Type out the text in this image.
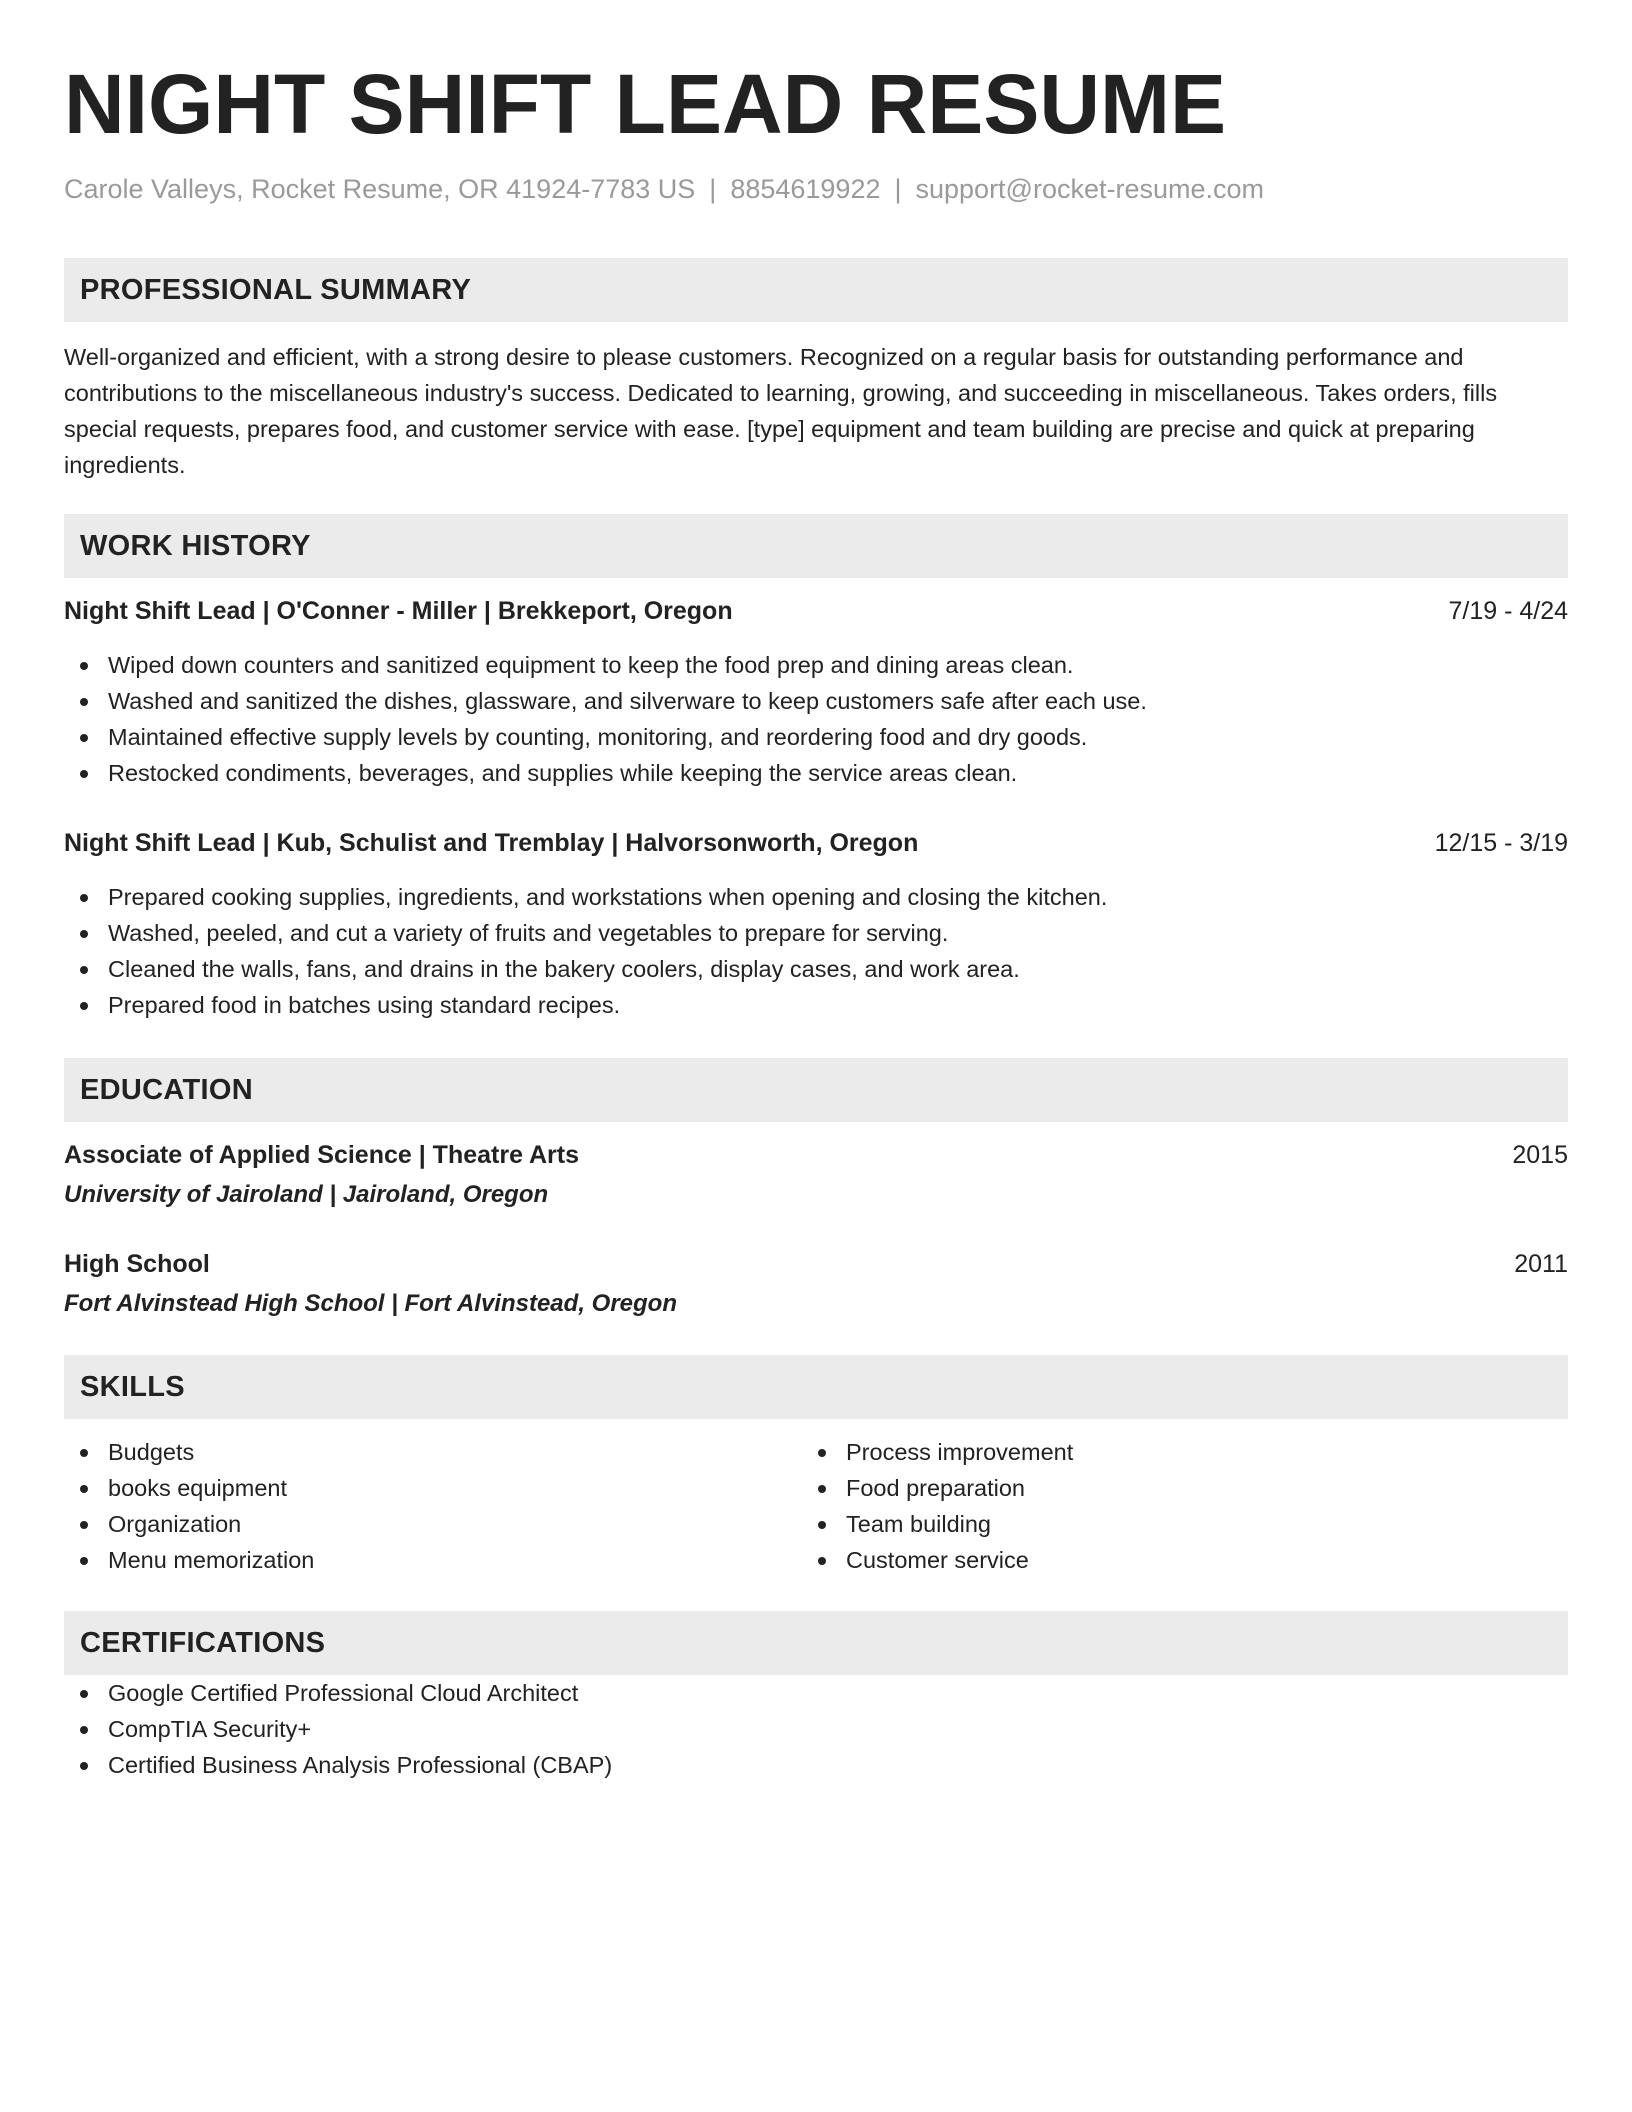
NIGHT SHIFT LEAD RESUME
Carole Valleys, Rocket Resume, OR 41924-7783 US | 8854619922 | support@rocket-resume.com
PROFESSIONAL SUMMARY
Well-organized and efficient, with a strong desire to please customers. Recognized on a regular basis for outstanding performance and contributions to the miscellaneous industry's success. Dedicated to learning, growing, and succeeding in miscellaneous. Takes orders, fills special requests, prepares food, and customer service with ease. [type] equipment and team building are precise and quick at preparing ingredients.
WORK HISTORY
Night Shift Lead | O'Conner - Miller | Brekkeport, Oregon	7/19 - 4/24
Wiped down counters and sanitized equipment to keep the food prep and dining areas clean.
Washed and sanitized the dishes, glassware, and silverware to keep customers safe after each use.
Maintained effective supply levels by counting, monitoring, and reordering food and dry goods.
Restocked condiments, beverages, and supplies while keeping the service areas clean.
Night Shift Lead | Kub, Schulist and Tremblay | Halvorsonworth, Oregon	12/15 - 3/19
Prepared cooking supplies, ingredients, and workstations when opening and closing the kitchen.
Washed, peeled, and cut a variety of fruits and vegetables to prepare for serving.
Cleaned the walls, fans, and drains in the bakery coolers, display cases, and work area.
Prepared food in batches using standard recipes.
EDUCATION
Associate of Applied Science | Theatre Arts	2015
University of Jairoland | Jairoland, Oregon
High School	2011
Fort Alvinstead High School | Fort Alvinstead, Oregon
SKILLS
Budgets
books equipment
Organization
Menu memorization
Process improvement
Food preparation
Team building
Customer service
CERTIFICATIONS
Google Certified Professional Cloud Architect
CompTIA Security+
Certified Business Analysis Professional (CBAP)
